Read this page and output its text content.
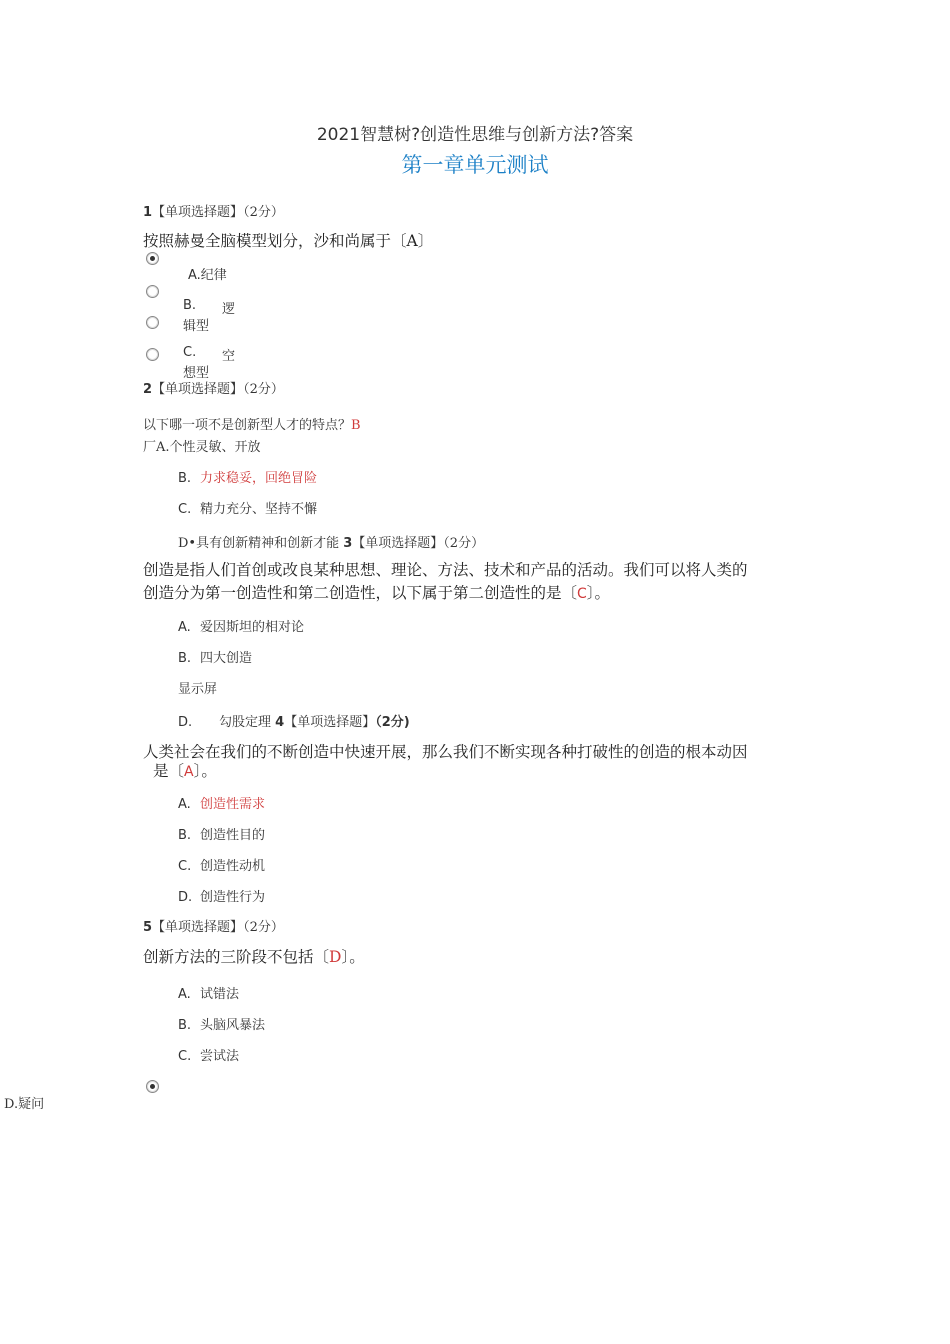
2021智慧树?创造性思维与创新方法?答案
第一章单元测试
1【单项选择题】（2分）
按照赫曼全脑模型划分，沙和尚属于〔A〕
A.纪律
B. 逻
辑型
C. 空
想型
2【单项选择题】（2分）
以下哪一项不是创新型人才的特点？B
厂A.个性灵敏、开放
B. 力求稳妥，回绝冒险
C. 精力充分、坚持不懈
D•具有创新精神和创新才能 3【单项选择题】（2分）
创造是指人们首创或改良某种思想、理论、方法、技术和产品的活动。我们可以将人类的
创造分为第一创造性和第二创造性，以下属于第二创造性的是〔C〕。
A. 爱因斯坦的相对论
B. 四大创造
显示屏
D. 勾股定理 4【单项选择题】（2分)
人类社会在我们的不断创造中快速开展，那么我们不断实现各种打破性的创造的根本动因
是〔A〕。
A. 创造性需求
B. 创造性目的
C. 创造性动机
D. 创造性行为
5【单项选择题】（2分）
创新方法的三阶段不包括〔D〕。
A. 试错法
B. 头脑风暴法
C. 尝试法
D.疑问
